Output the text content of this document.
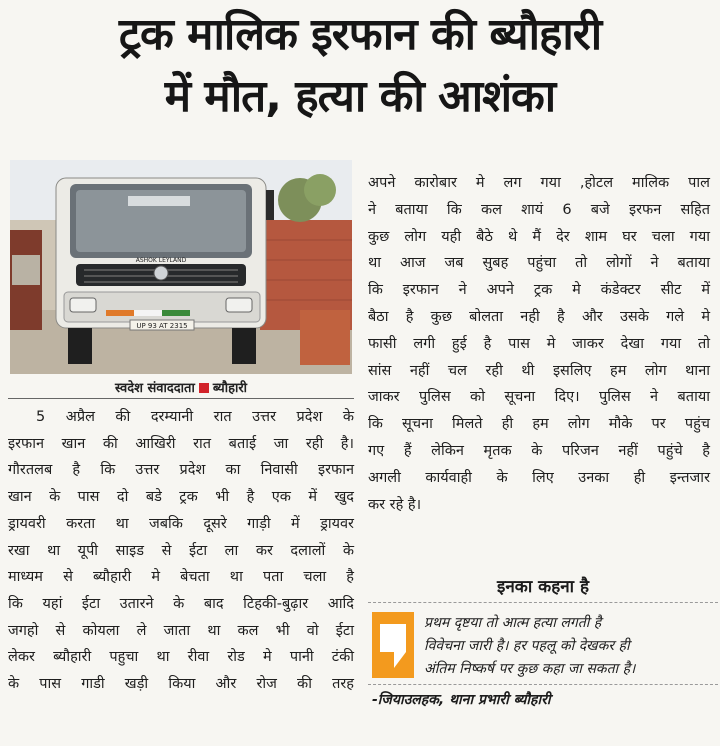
ट्रक मालिक इरफान की ब्यौहारी
में मौत, हत्या की आशंका
ASHOK LEYLAND
UP 93 AT 2315
स्वदेश संवाददाता ब्यौहारी
5 अप्रैल की दरम्यानी रात उत्तर प्रदेश के
इरफान खान की आखिरी रात बताई जा रही है।
गौरतलब है कि उत्तर प्रदेश का निवासी इरफान
खान के पास दो बडे ट्रक भी है एक में खुद
ड्रायवरी करता था जबकि दूसरे गाड़ी में ड्रायवर
रखा था यूपी साइड से ईटा ला कर दलालों के
माध्यम से ब्यौहारी मे बेचता था पता चला है
कि यहां ईटा उतारने के बाद टिहकी-बुढ़ार आदि
जगहो से कोयला ले जाता था कल भी वो ईटा
लेकर ब्यौहारी पहुचा था रीवा रोड मे पानी टंकी
के पास गाडी खड़ी किया और रोज की तरह
अपने कारोबार मे लग गया ,होटल मालिक पाल
ने बताया कि कल शायं 6 बजे इरफन सहित
कुछ लोग यही बैठे थे मैं देर शाम घर चला गया
था आज जब सुबह पहुंचा तो लोगों ने बताया
कि इरफान ने अपने ट्रक मे कंडेक्टर सीट में
बैठा है कुछ बोलता नही है और उसके गले मे
फासी लगी हुई है पास मे जाकर देखा गया तो
सांस नहीं चल रही थी इसलिए हम लोग थाना
जाकर पुलिस को सूचना दिए। पुलिस ने बताया
कि सूचना मिलते ही हम लोग मौके पर पहुंच
गए हैं लेकिन मृतक के परिजन नहीं पहुंचे है
अगली कार्यवाही के लिए उनका ही इन्तजार
कर रहे है।
इनका कहना है
प्रथम दृष्टया तो आत्म हत्या लगती है
विवेचना जारी है। हर पहलू को देखकर ही
अंतिम निष्कर्ष पर कुछ कहा जा सकता है।
-जियाउलहक, थाना प्रभारी ब्यौहारी
